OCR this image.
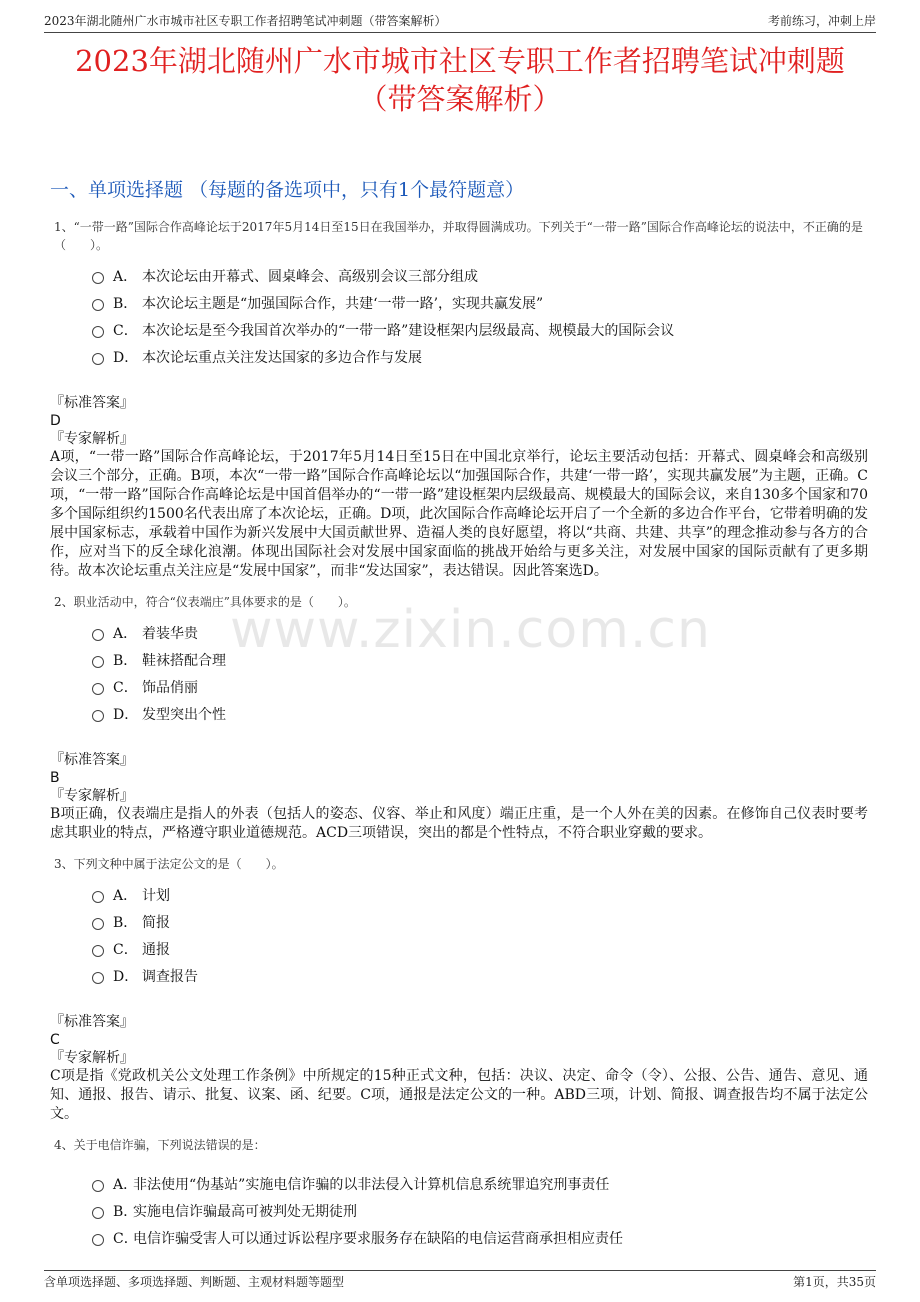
2023年湖北随州广水市城市社区专职工作者招聘笔试冲刺题（带答案解析）	考前练习，冲刺上岸
2023年湖北随州广水市城市社区专职工作者招聘笔试冲刺题
（带答案解析）
一、单项选择题 （每题的备选项中，只有1个最符题意）
www.zixin.com.cn
1、“一带一路”国际合作高峰论坛于2017年5月14日至15日在我国举办，并取得圆满成功。下列关于“一带一路”国际合作高峰论坛的说法中，不正确的是（　　）。
A． 本次论坛由开幕式、圆桌峰会、高级别会议三部分组成
B． 本次论坛主题是“加强国际合作，共建‘一带一路’，实现共赢发展”
C． 本次论坛是至今我国首次举办的“一带一路”建设框架内层级最高、规模最大的国际会议
D． 本次论坛重点关注发达国家的多边合作与发展
『标准答案』
D
『专家解析』
A项，“一带一路”国际合作高峰论坛，于2017年5月14日至15日在中国北京举行，论坛主要活动包括：开幕式、圆桌峰会和高级别会议三个部分，正确。B项，本次“一带一路”国际合作高峰论坛以“加强国际合作，共建‘一带一路’，实现共赢发展”为主题，正确。C项，“一带一路”国际合作高峰论坛是中国首倡举办的“一带一路”建设框架内层级最高、规模最大的国际会议，来自130多个国家和70多个国际组织约1500名代表出席了本次论坛，正确。D项，此次国际合作高峰论坛开启了一个全新的多边合作平台，它带着明确的发展中国家标志，承载着中国作为新兴发展中大国贡献世界、造福人类的良好愿望，将以“共商、共建、共享”的理念推动参与各方的合作，应对当下的反全球化浪潮。体现出国际社会对发展中国家面临的挑战开始给与更多关注，对发展中国家的国际贡献有了更多期待。故本次论坛重点关注应是“发展中国家”，而非“发达国家”，表达错误。因此答案选D。
2、职业活动中，符合“仪表端庄”具体要求的是（　　）。
A． 着装华贵
B． 鞋袜搭配合理
C． 饰品俏丽
D． 发型突出个性
『标准答案』
B
『专家解析』
B项正确，仪表端庄是指人的外表（包括人的姿态、仪容、举止和风度）端正庄重，是一个人外在美的因素。在修饰自己仪表时要考虑其职业的特点，严格遵守职业道德规范。ACD三项错误，突出的都是个性特点，不符合职业穿戴的要求。
3、下列文种中属于法定公文的是（　　）。
A． 计划
B． 简报
C． 通报
D． 调查报告
『标准答案』
C
『专家解析』
C项是指《党政机关公文处理工作条例》中所规定的15种正式文种，包括：决议、决定、命令（令）、公报、公告、通告、意见、通知、通报、报告、请示、批复、议案、函、纪要。C项，通报是法定公文的一种。ABD三项，计划、简报、调查报告均不属于法定公文。
4、关于电信诈骗，下列说法错误的是：
A．
非法使用“伪基站”实施电信诈骗的以非法侵入计算机信息系统罪追究刑事责任
B．
实施电信诈骗最高可被判处无期徒刑
C．
电信诈骗受害人可以通过诉讼程序要求服务存在缺陷的电信运营商承担相应责任
含单项选择题、多项选择题、判断题、主观材料题等题型	第1页，共35页
